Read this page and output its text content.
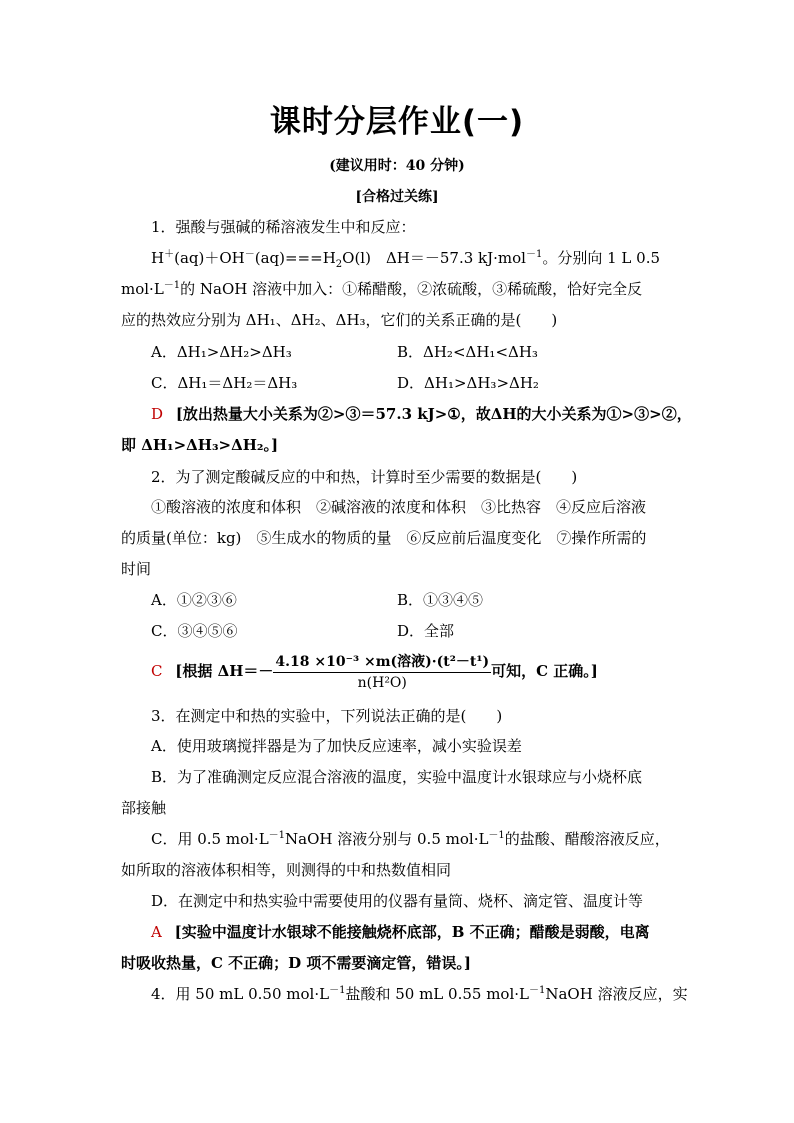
课时分层作业(一)
(建议用时：40 分钟)
[合格过关练]
1．强酸与强碱的稀溶液发生中和反应：
$H^+(aq)+OH^-(aq)===H_2O(l)$　ΔH＝－57.3 kJ·mol$^{-1}$。分别向 1 L 0.5
$mol\cdot L^{-1}$的 NaOH 溶液中加入：①稀醋酸，②浓硫酸，③稀硫酸，恰好完全反
应的热效应分别为 ΔH₁、ΔH₂、ΔH₃，它们的关系正确的是(　　)
A．ΔH₁>ΔH₂>ΔH₃	B．ΔH₂<ΔH₁<ΔH₃
C．ΔH₁＝ΔH₂＝ΔH₃	D．ΔH₁>ΔH₃>ΔH₂
D [放出热量大小关系为②>③＝57.3 kJ>①，故ΔH的大小关系为①>③>②，
即 ΔH₁>ΔH₃>ΔH₂。]
2．为了测定酸碱反应的中和热，计算时至少需要的数据是(　　)
①酸溶液的浓度和体积　②碱溶液的浓度和体积　③比热容　④反应后溶液
的质量(单位：kg)　⑤生成水的物质的量　⑥反应前后温度变化　⑦操作所需的
时间
A．①②③⑥	B．①③④⑤
C．③④⑤⑥	D．全部
C [根据 $\Delta H=- \frac{\text{4.18 ×10⁻³ ×m(溶液)·(t²－t¹)}}{\text{n(H²O)}}$ 可知，C 正确。]
3．在测定中和热的实验中，下列说法正确的是(　　)
A．使用玻璃搅拌器是为了加快反应速率，减小实验误差
B．为了准确测定反应混合溶液的温度，实验中温度计水银球应与小烧杯底
部接触
C．用 0.5 $mol\cdot L^{-1}NaOH$ 溶液分别与 0.5 $mol\cdot L^{-1}$的盐酸、醋酸溶液反应，
如所取的溶液体积相等，则测得的中和热数值相同
D．在测定中和热实验中需要使用的仪器有量筒、烧杯、滴定管、温度计等
A [实验中温度计水银球不能接触烧杯底部，B 不正确；醋酸是弱酸，电离
时吸收热量，C 不正确；D 项不需要滴定管，错误。]
4．用 50 mL 0.50 $mol\cdot L^{-1}$盐酸和 50 mL 0.55 $mol\cdot L^{-1}NaOH$ 溶液反应，实
